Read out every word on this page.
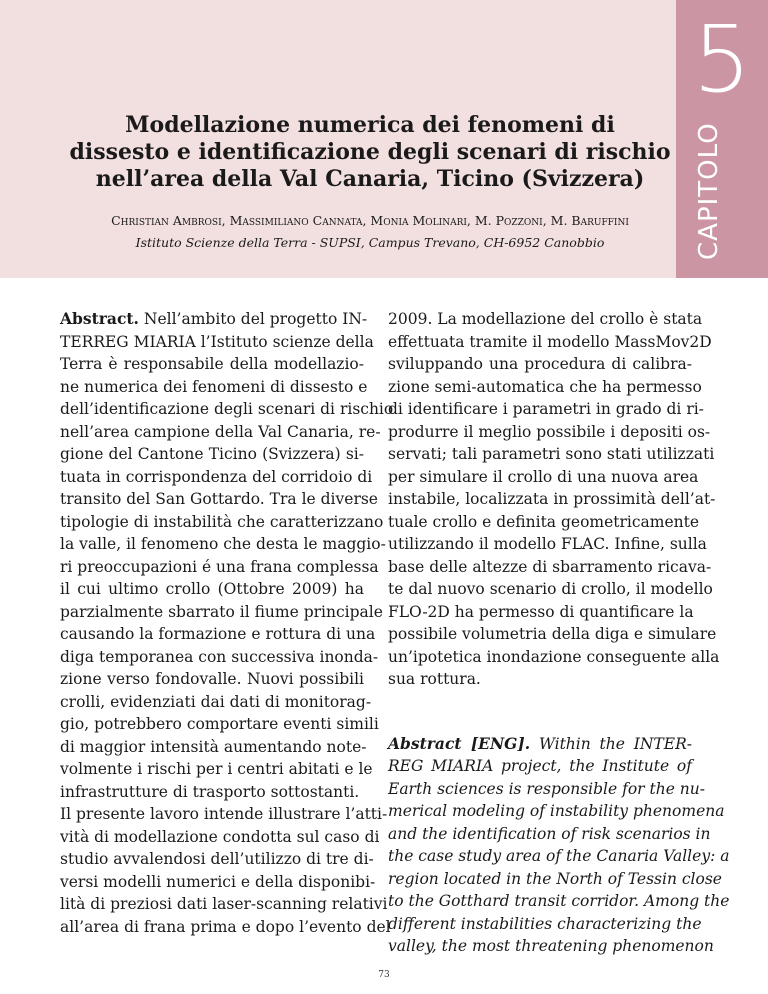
Modellazione numerica dei fenomeni di
dissesto e identificazione degli scenari di rischio
nell’area della Val Canaria, Ticino (Svizzera)
Christian Ambrosi, Massimiliano Cannata, Monia Molinari, M. Pozzoni, M. Baruffini
Istituto Scienze della Terra - SUPSI, Campus Trevano, CH-6952 Canobbio
5
CAPITOLO
Abstract. Nell’ambito del progetto IN-
TERREG MIARIA l’Istituto scienze della
Terra è responsabile della modellazio-
ne numerica dei fenomeni di dissesto e
dell’identificazione degli scenari di rischio
nell’area campione della Val Canaria, re-
gione del Cantone Ticino (Svizzera) si-
tuata in corrispondenza del corridoio di
transito del San Gottardo. Tra le diverse
tipologie di instabilità che caratterizzano
la valle, il fenomeno che desta le maggio-
ri preoccupazioni é una frana complessa
il cui ultimo crollo (Ottobre 2009) ha
parzialmente sbarrato il fiume principale
causando la formazione e rottura di una
diga temporanea con successiva inonda-
zione verso fondovalle. Nuovi possibili
crolli, evidenziati dai dati di monitorag-
gio, potrebbero comportare eventi simili
di maggior intensità aumentando note-
volmente i rischi per i centri abitati e le
infrastrutture di trasporto sottostanti.
Il presente lavoro intende illustrare l’atti-
vità di modellazione condotta sul caso di
studio avvalendosi dell’utilizzo di tre di-
versi modelli numerici e della disponibi-
lità di preziosi dati laser-scanning relativi
all’area di frana prima e dopo l’evento del
2009. La modellazione del crollo è stata
effettuata tramite il modello MassMov2D
sviluppando una procedura di calibra-
zione semi-automatica che ha permesso
di identificare i parametri in grado di ri-
produrre il meglio possibile i depositi os-
servati; tali parametri sono stati utilizzati
per simulare il crollo di una nuova area
instabile, localizzata in prossimità dell’at-
tuale crollo e definita geometricamente
utilizzando il modello FLAC. Infine, sulla
base delle altezze di sbarramento ricava-
te dal nuovo scenario di crollo, il modello
FLO-2D ha permesso di quantificare la
possibile volumetria della diga e simulare
un’ipotetica inondazione conseguente alla
sua rottura.
Abstract [ENG]. Within the INTER-
REG MIARIA project, the Institute of
Earth sciences is responsible for the nu-
merical modeling of instability phenomena
and the identification of risk scenarios in
the case study area of the Canaria Valley: a
region located in the North of Tessin close
to the Gotthard transit corridor. Among the
different instabilities characterizing the
valley, the most threatening phenomenon
73
